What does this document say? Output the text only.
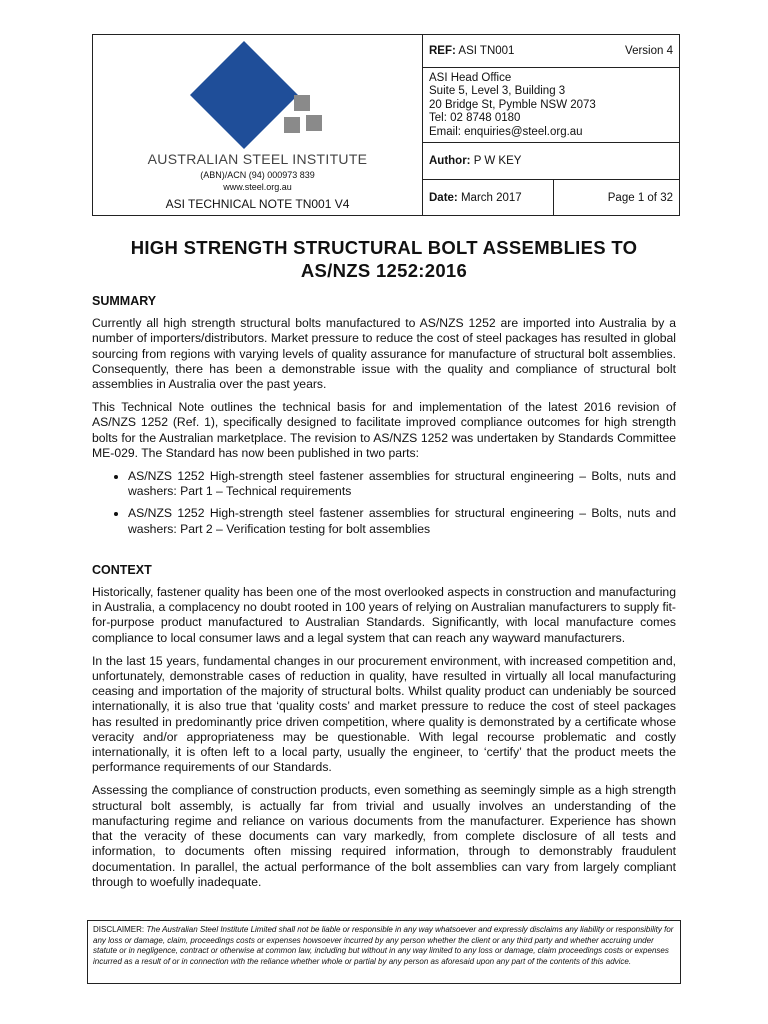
AUSTRALIAN STEEL INSTITUTE
(ABN)/ACN (94) 000973 839
www.steel.org.au
ASI TECHNICAL NOTE TN001 V4
REF: ASI TN001	Version 4
ASI Head Office
Suite 5, Level 3, Building 3
20 Bridge St, Pymble NSW 2073
Tel: 02 8748 0180
Email: enquiries@steel.org.au
Author:
P W KEY
Date:
March 2017	Page 1 of 32
HIGH STRENGTH STRUCTURAL BOLT ASSEMBLIES TO
AS/NZS 1252:2016
SUMMARY
Currently all high strength structural bolts manufactured to AS/NZS 1252 are imported into Australia by a number of importers/distributors. Market pressure to reduce the cost of steel packages has resulted in global sourcing from regions with varying levels of quality assurance for manufacture of structural bolt assemblies. Consequently, there has been a demonstrable issue with the quality and compliance of structural bolt assemblies in Australia over the past years.
This Technical Note outlines the technical basis for and implementation of the latest 2016 revision of AS/NZS 1252 (Ref. 1), specifically designed to facilitate improved compliance outcomes for high strength bolts for the Australian marketplace. The revision to AS/NZS 1252 was undertaken by Standards Committee ME-029. The Standard has now been published in two parts:
• AS/NZS 1252 High-strength steel fastener assemblies for structural engineering – Bolts, nuts and washers: Part 1 – Technical requirements
• AS/NZS 1252 High-strength steel fastener assemblies for structural engineering – Bolts, nuts and washers: Part 2 – Verification testing for bolt assemblies
CONTEXT
Historically, fastener quality has been one of the most overlooked aspects in construction and manufacturing in Australia, a complacency no doubt rooted in 100 years of relying on Australian manufacturers to supply fit-for-purpose product manufactured to Australian Standards. Significantly, with local manufacture comes compliance to local consumer laws and a legal system that can reach any wayward manufacturers.
In the last 15 years, fundamental changes in our procurement environment, with increased competition and, unfortunately, demonstrable cases of reduction in quality, have resulted in virtually all local manufacturing ceasing and importation of the majority of structural bolts. Whilst quality product can undeniably be sourced internationally, it is also true that ‘quality costs’ and market pressure to reduce the cost of steel packages has resulted in predominantly price driven competition, where quality is demonstrated by a certificate whose veracity and/or appropriateness may be questionable. With legal recourse problematic and costly internationally, it is often left to a local party, usually the engineer, to ‘certify’ that the product meets the performance requirements of our Standards.
Assessing the compliance of construction products, even something as seemingly simple as a high strength structural bolt assembly, is actually far from trivial and usually involves an understanding of the manufacturing regime and reliance on various documents from the manufacturer. Experience has shown that the veracity of these documents can vary markedly, from complete disclosure of all tests and information, to documents often missing required information, through to demonstrably fraudulent documentation. In parallel, the actual performance of the bolt assemblies can vary from largely compliant through to woefully inadequate.
DISCLAIMER: The Australian Steel Institute Limited shall not be liable or responsible in any way whatsoever and expressly disclaims any liability or responsibility for any loss or damage, claim, proceedings costs or expenses howsoever incurred by any person whether the client or any third party and whether accruing under statute or in negligence, contract or otherwise at common law, including but without in any way limited to any loss or damage, claim proceedings costs or expenses incurred as a result of or in connection with the reliance whether whole or partial by any person as aforesaid upon any part of the contents of this advice.
